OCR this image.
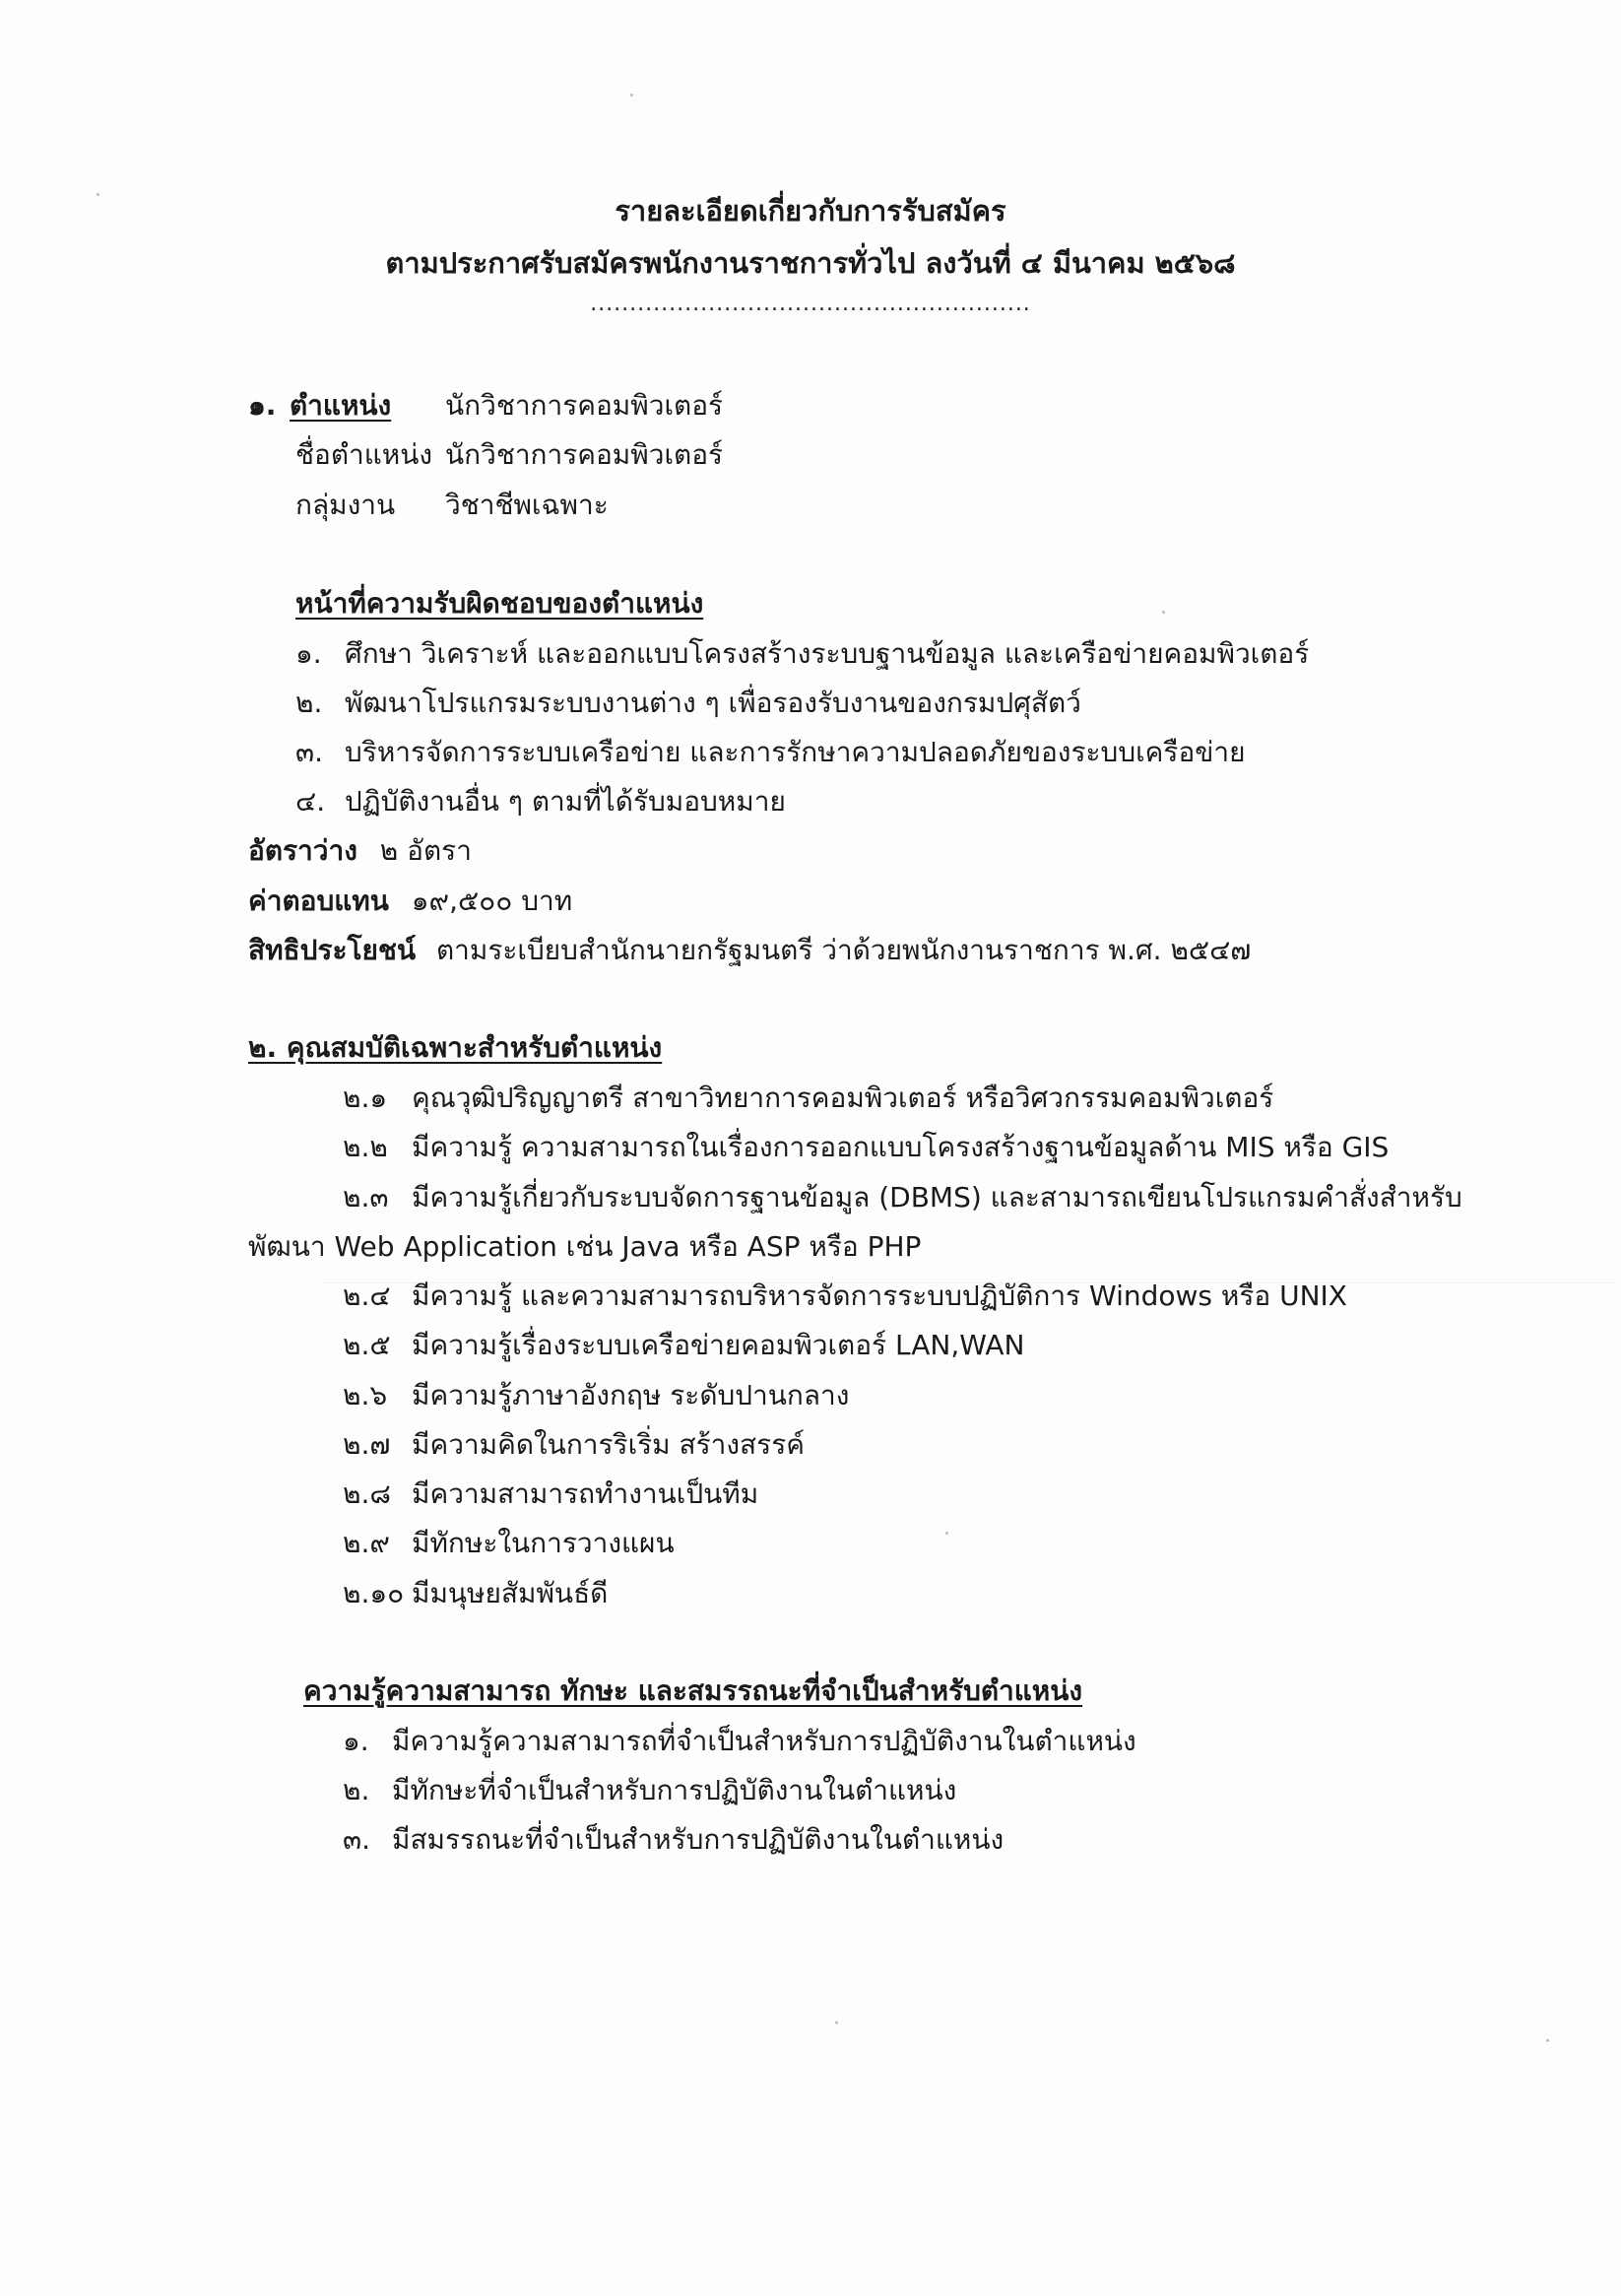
รายละเอียดเกี่ยวกับการรับสมัคร
ตามประกาศรับสมัครพนักงานราชการทั่วไป ลงวันที่ ๔ มีนาคม ๒๕๖๘
........................................................
๑. ตำแหน่ง นักวิชาการคอมพิวเตอร์
ชื่อตำแหน่ง นักวิชาการคอมพิวเตอร์
กลุ่มงาน วิชาชีพเฉพาะ
หน้าที่ความรับผิดชอบของตำแหน่ง
๑. ศึกษา วิเคราะห์ และออกแบบโครงสร้างระบบฐานข้อมูล และเครือข่ายคอมพิวเตอร์
๒. พัฒนาโปรแกรมระบบงานต่าง ๆ เพื่อรองรับงานของกรมปศุสัตว์
๓. บริหารจัดการระบบเครือข่าย และการรักษาความปลอดภัยของระบบเครือข่าย
๔. ปฏิบัติงานอื่น ๆ ตามที่ได้รับมอบหมาย
อัตราว่าง ๒ อัตรา
ค่าตอบแทน ๑๙,๕๐๐ บาท
สิทธิประโยชน์ ตามระเบียบสำนักนายกรัฐมนตรี ว่าด้วยพนักงานราชการ พ.ศ. ๒๕๔๗
๒. คุณสมบัติเฉพาะสำหรับตำแหน่ง
๒.๑ คุณวุฒิปริญญาตรี สาขาวิทยาการคอมพิวเตอร์ หรือวิศวกรรมคอมพิวเตอร์
๒.๒ มีความรู้ ความสามารถในเรื่องการออกแบบโครงสร้างฐานข้อมูลด้าน MIS หรือ GIS
๒.๓ มีความรู้เกี่ยวกับระบบจัดการฐานข้อมูล (DBMS) และสามารถเขียนโปรแกรมคำสั่งสำหรับ
พัฒนา Web Application เช่น Java หรือ ASP หรือ PHP
๒.๔ มีความรู้ และความสามารถบริหารจัดการระบบปฏิบัติการ Windows หรือ UNIX
๒.๕ มีความรู้เรื่องระบบเครือข่ายคอมพิวเตอร์ LAN,WAN
๒.๖ มีความรู้ภาษาอังกฤษ ระดับปานกลาง
๒.๗ มีความคิดในการริเริ่ม สร้างสรรค์
๒.๘ มีความสามารถทำงานเป็นทีม
๒.๙ มีทักษะในการวางแผน
๒.๑๐ มีมนุษยสัมพันธ์ดี
ความรู้ความสามารถ ทักษะ และสมรรถนะที่จำเป็นสำหรับตำแหน่ง
๑. มีความรู้ความสามารถที่จำเป็นสำหรับการปฏิบัติงานในตำแหน่ง
๒. มีทักษะที่จำเป็นสำหรับการปฏิบัติงานในตำแหน่ง
๓. มีสมรรถนะที่จำเป็นสำหรับการปฏิบัติงานในตำแหน่ง
